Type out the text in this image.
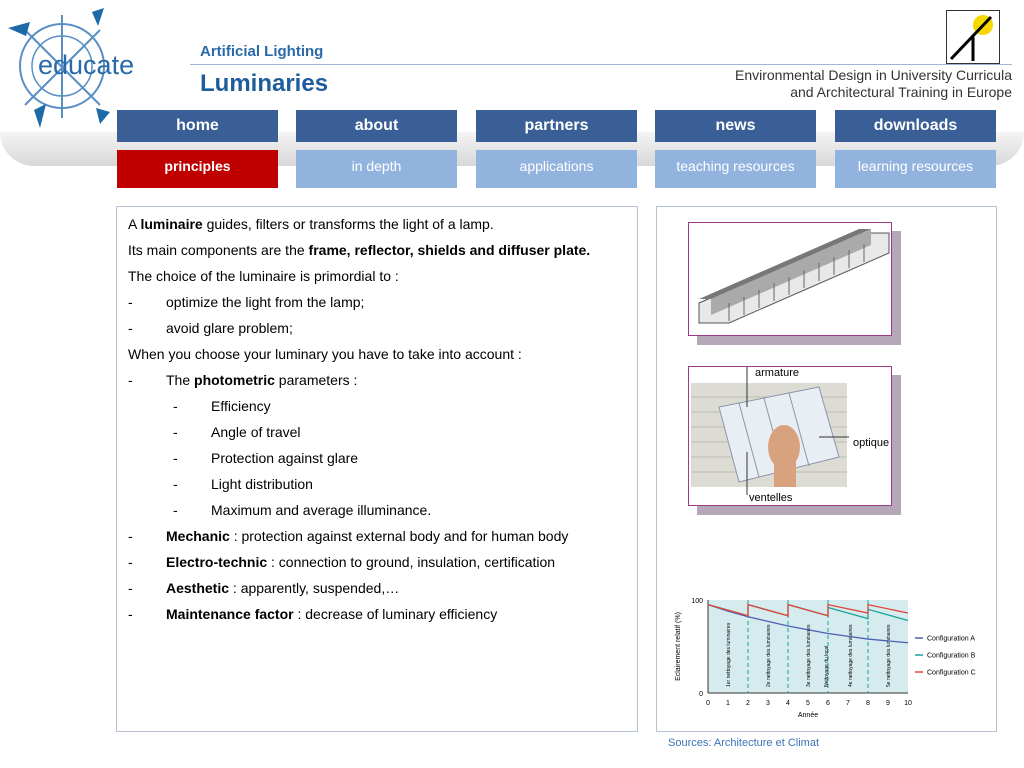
educate	Artificial Lighting
Luminaries	Environmental Design in University Curricula
and Architectural Training in Europe
home	about	partners	news	downloads
principles	in depth	applications	teaching resources	learning resources

A luminaire guides, filters or transforms the light of a lamp.

Its main components are the frame, reflector, shields and diffuser plate.

The choice of the luminaire is primordial to :

-	optimize the light from the lamp;
-	avoid glare problem;

When you choose your luminary you have to take into account :

-	The photometric parameters :
-	Efficiency
-	Angle of travel
-	Protection against glare
-	Light distribution
-	Maximum and average illuminance.
-	Mechanic : protection against external body and for human body
-	Electro-technic : connection to ground, insulation, certification
-	Aesthetic : apparently, suspended,…
-	Maintenance factor : decrease of luminary efficiency
armature
optique
ventelles
0 1 2 3 4 5 6 7 8 9 10
0
100
Année
Eclairement relatif (%)	1er nettoyage des luminaires	2e nettoyage des luminaires	3e nettoyage des luminaires Nettoyage du local	4e nettoyage des luminaires	5e nettoyage des luminaires	Configuration A
Configuration B
Configuration C
Sources: Architecture et Climat
